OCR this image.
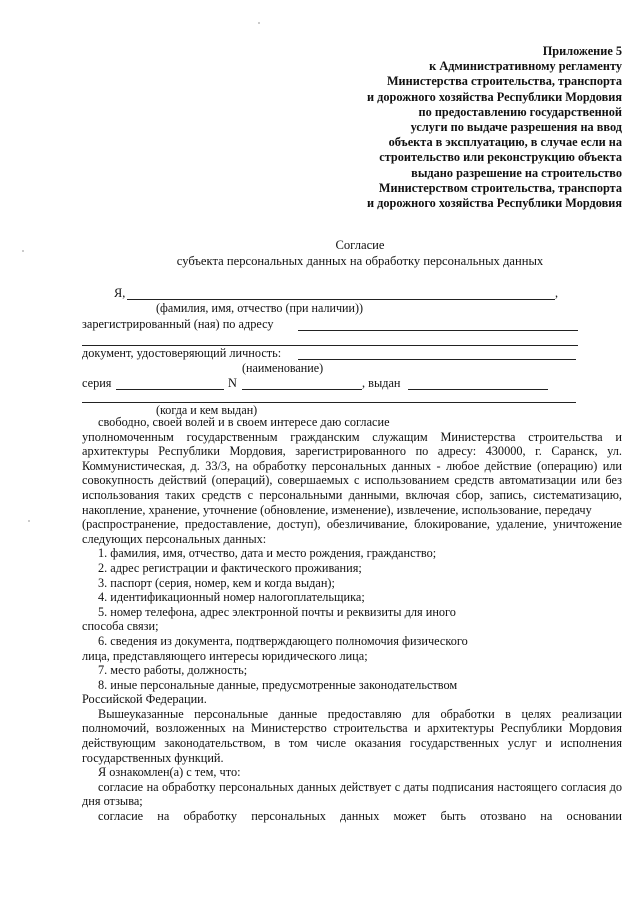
Приложение 5
к Административному регламенту
Министерства строительства, транспорта
и дорожного хозяйства Республики Мордовия
по предоставлению государственной
услуги по выдаче разрешения на ввод
объекта в эксплуатацию, в случае если на
строительство или реконструкцию объекта
выдано разрешение на строительство
Министерством строительства, транспорта
и дорожного хозяйства Республики Мордовия
Согласие
субъекта персональных данных на обработку персональных данных
Я,	,
(фамилия, имя, отчество (при наличии))
зарегистрированный (ная) по адресу
документ, удостоверяющий личность:
(наименование)
серия	N	, выдан
(когда и кем выдан)

свободно, своей волей и в своем интересе даю согласие

уполномоченным государственным гражданским служащим Министерства строительства и архитектуры Республики Мордовия, зарегистрированного по адресу: 430000, г. Саранск, ул. Коммунистическая, д. 33/3, на обработку персональных данных - любое действие (операцию) или совокупность действий (операций), совершаемых с использованием средств автоматизации или без использования таких средств с персональными данными, включая сбор, запись, систематизацию, накопление, хранение, уточнение (обновление, изменение), извлечение, использование, передачу

(распространение, предоставление, доступ), обезличивание, блокирование, удаление, уничтожение следующих персональных данных:

1. фамилия, имя, отчество, дата и место рождения, гражданство;

2. адрес регистрации и фактического проживания;

3. паспорт (серия, номер, кем и когда выдан);

4. идентификационный номер налогоплательщика;

5. номер телефона, адрес электронной почты и реквизиты для иного

способа связи;

6. сведения из документа, подтверждающего полномочия физического

лица, представляющего интересы юридического лица;

7. место работы, должность;

8. иные персональные данные, предусмотренные законодательством

Российской Федерации.

Вышеуказанные персональные данные предоставляю для обработки в целях реализации полномочий, возложенных на Министерство строительства и архитектуры Республики Мордовия действующим законодательством, в том числе оказания государственных услуг и исполнения государственных функций.

Я ознакомлен(а) с тем, что:

согласие на обработку персональных данных действует с даты подписания настоящего согласия до дня отзыва;

согласие на обработку персональных данных может быть отозвано на основании
